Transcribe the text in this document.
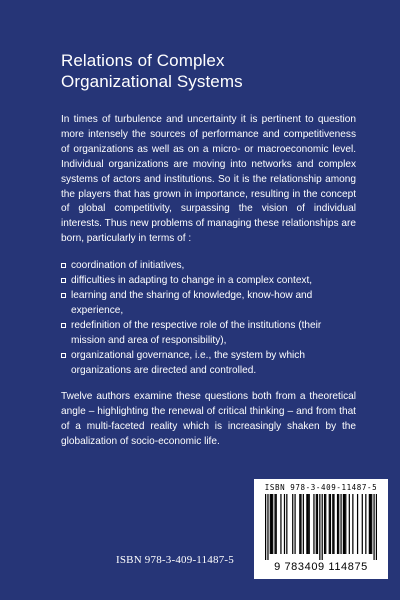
Relations of Complex
Organizational Systems

In times of turbulence and uncertainty it is pertinent to question more intensely the sources of performance and competitiveness of organizations as well as on a micro- or macroeconomic level. Individual organizations are moving into networks and complex systems of actors and institutions. So it is the relationship among the players that has grown in importance, resulting in the concept of global competitivity, surpassing the vision of individual interests. Thus new problems of managing these relationships are born, particularly in terms of :

coordination of initiatives,
difficulties in adapting to change in a complex context,
learning and the sharing of knowledge, know-how and experience,
redefinition of the respective role of the institutions (their mission and area of responsibility),
organizational governance, i.e., the system by which organizations are directed and controlled.

Twelve authors examine these questions both from a theoretical angle – highlighting the renewal of critical thinking – and from that of a multi-faceted reality which is increasingly shaken by the globalization of socio-economic life.

ISBN 978-3-409-11487-5
ISBN 978-3-409-11487-5
9 783409 114875
